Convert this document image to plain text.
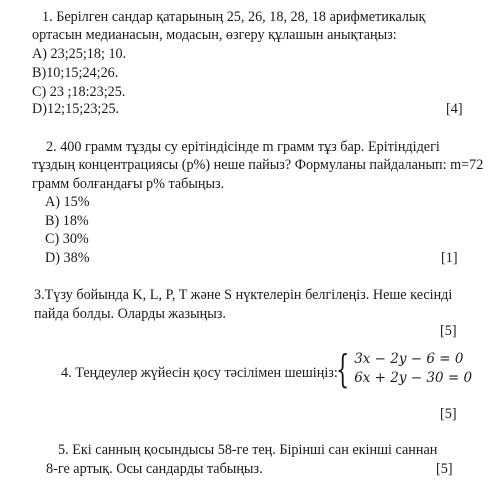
1. Берілген сандар қатарының 25, 26, 18, 28, 18 арифметикалық
ортасын медианасын, модасын, өзгеру құлашын анықтаңыз:
A) 23;25;18; 10.
B)10;15;24;26.
C) 23 ;18:23;25.
D)12;15;23;25.	[4]
2. 400 грамм тұзды су ерітіндісінде m грамм тұз бар. Ерітіндідегі
тұздың концентрациясы (p%) неше пайыз? Формуланы пайдаланып: m=72
грамм болғандағы p% табыңыз.
A) 15%
B) 18%
C) 30%
D) 38%	[1]
3.Түзу бойында K, L, P, T және S нүктелерін белгілеңіз. Неше кесінді
пайда болды. Оларды жазыңыз.
[5]
4. Теңдеулер жүйесін қосу тәсілімен шешіңіз:
{ 3x − 2y − 6 = 0
6x + 2y − 30 = 0
[5]
5. Екі санның қосындысы 58-ге тең. Бірінші сан екіншi саннан
8-ге артық. Осы сандарды табыңыз.	[5]
